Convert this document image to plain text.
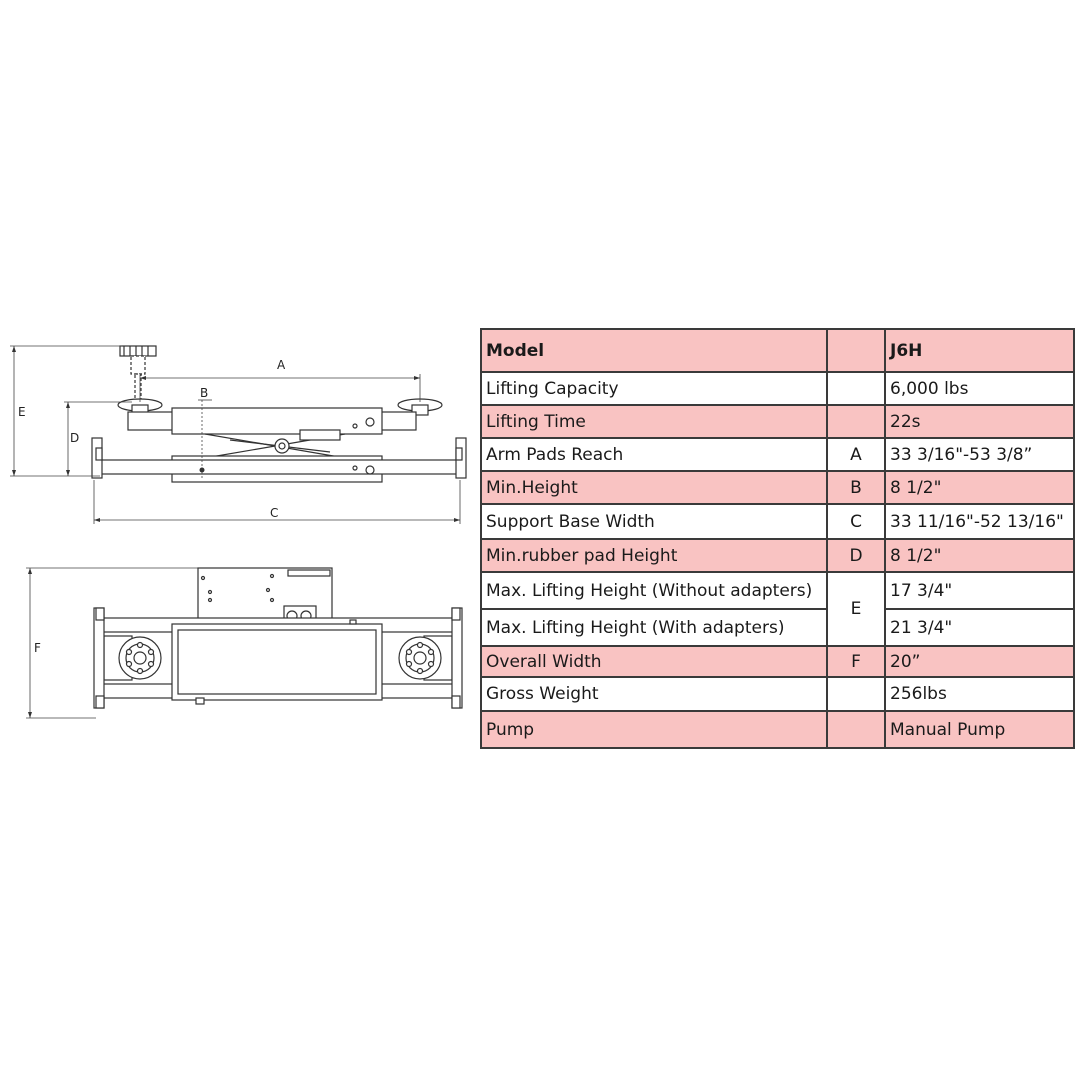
A
B
C
D
E
F
Model		J6H
Lifting Capacity		6,000 lbs
Lifting Time		22s
Arm Pads Reach	A	33 3/16"-53 3/8”
Min.Height	B	8 1/2"
Support Base Width	C	33 11/16"-52 13/16"
Min.rubber pad Height	D	8 1/2"
Max. Lifting Height (Without adapters)	E	17 3/4"
Max. Lifting Height (With adapters)		21 3/4"
Overall Width	F	20”
Gross Weight		256lbs
Pump		Manual Pump
